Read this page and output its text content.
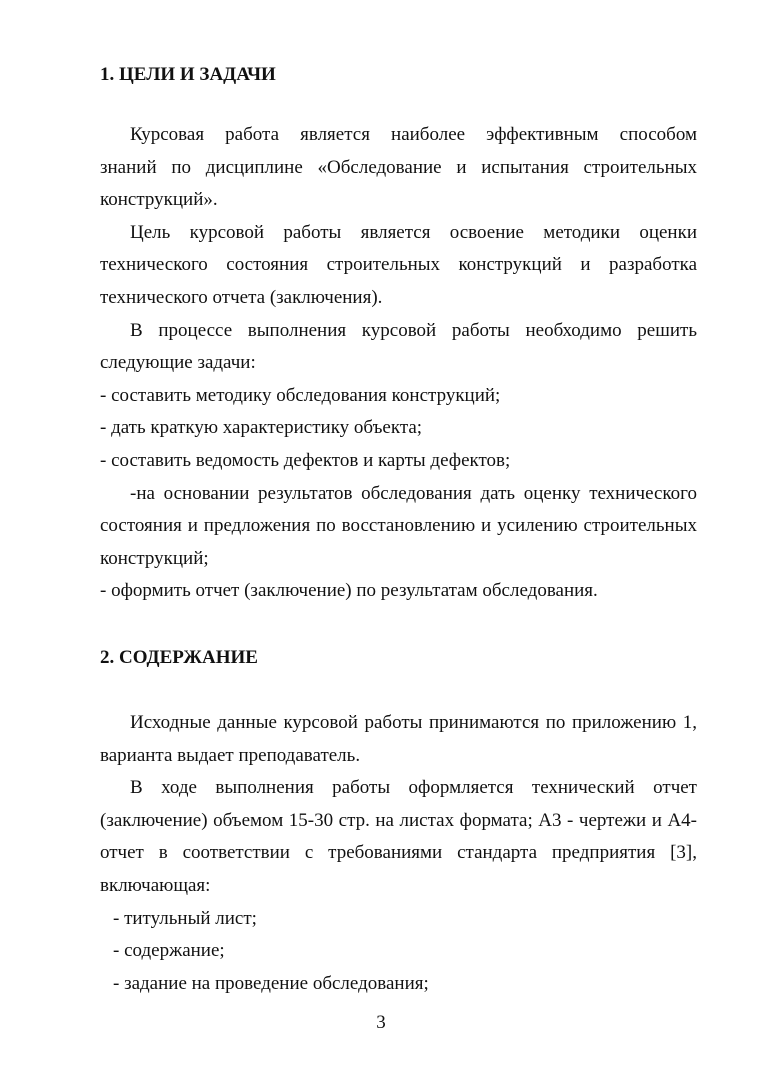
1. ЦЕЛИ И ЗАДАЧИ
Курсовая работа является наиболее эффективным способом
знаний по дисциплине «Обследование и испытания строительных
конструкций».
Цель курсовой работы является освоение методики оценки
технического состояния строительных конструкций и разработка
технического отчета (заключения).
В процессе выполнения курсовой работы необходимо решить
следующие задачи:
- составить методику обследования конструкций;
- дать краткую характеристику объекта;
- составить ведомость дефектов и карты дефектов;
-на основании результатов обследования дать оценку технического
состояния и предложения по восстановлению и усилению строительных
конструкций;
- оформить отчет (заключение) по результатам обследования.
2. СОДЕРЖАНИЕ
Исходные данные курсовой работы принимаются по приложению 1,
варианта выдает преподаватель.
В ходе выполнения работы оформляется технический отчет
(заключение) объемом 15-30 стр. на листах формата; А3 - чертежи и А4-
отчет в соответствии с требованиями стандарта предприятия [3],
включающая:
- титульный лист;
- содержание;
- задание на проведение обследования;
3
